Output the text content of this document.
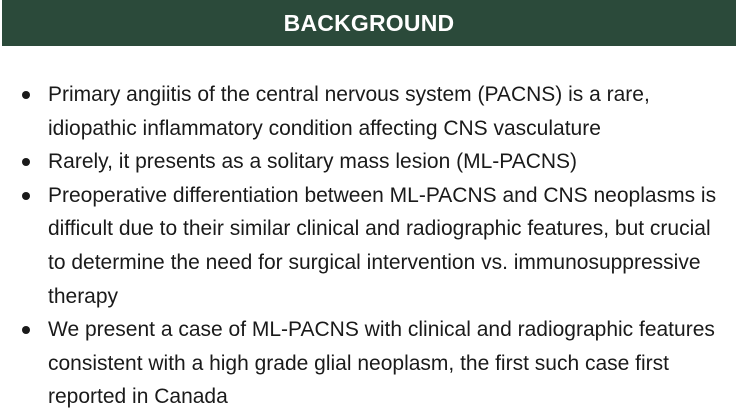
BACKGROUND
Primary angiitis of the central nervous system (PACNS) is a rare, idiopathic inflammatory condition affecting CNS vasculature
Rarely, it presents as a solitary mass lesion (ML-PACNS)
Preoperative differentiation between ML-PACNS and CNS neoplasms is difficult due to their similar clinical and radiographic features, but crucial to determine the need for surgical intervention vs. immunosuppressive therapy
We present a case of ML-PACNS with clinical and radiographic features consistent with a high grade glial neoplasm, the first such case first reported in Canada
